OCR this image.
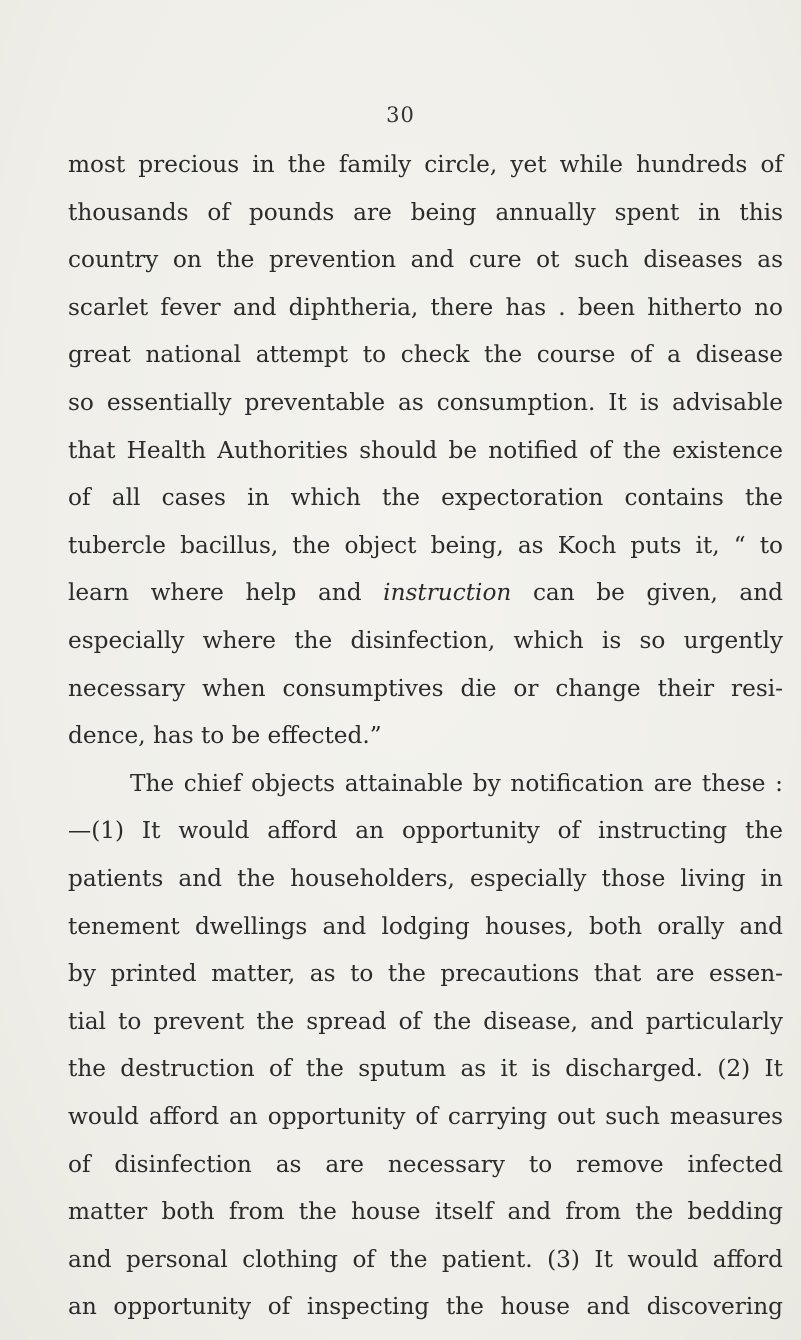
30
most precious in the family circle, yet while hundreds of
thousands of pounds are being annually spent in this
country on the prevention and cure ot such diseases as
scarlet fever and diphtheria, there has . been hitherto no
great national attempt to check the course of a disease
so essentially preventable as consumption. It is advisable
that Health Authorities should be notified of the existence
of all cases in which the expectoration contains the
tubercle bacillus, the object being, as Koch puts it, “ to
learn where help and instruction can be given, and
especially where the disinfection, which is so urgently
necessary when consumptives die or change their resi-
dence, has to be effected.”
The chief objects attainable by notification are these :
—(1) It would afford an opportunity of instructing the
patients and the householders, especially those living in
tenement dwellings and lodging houses, both orally and
by printed matter, as to the precautions that are essen-
tial to prevent the spread of the disease, and particularly
the destruction of the sputum as it is discharged. (2) It
would afford an opportunity of carrying out such measures
of disinfection as are necessary to remove infected
matter both from the house itself and from the bedding
and personal clothing of the patient. (3) It would afford
an opportunity of inspecting the house and discovering
